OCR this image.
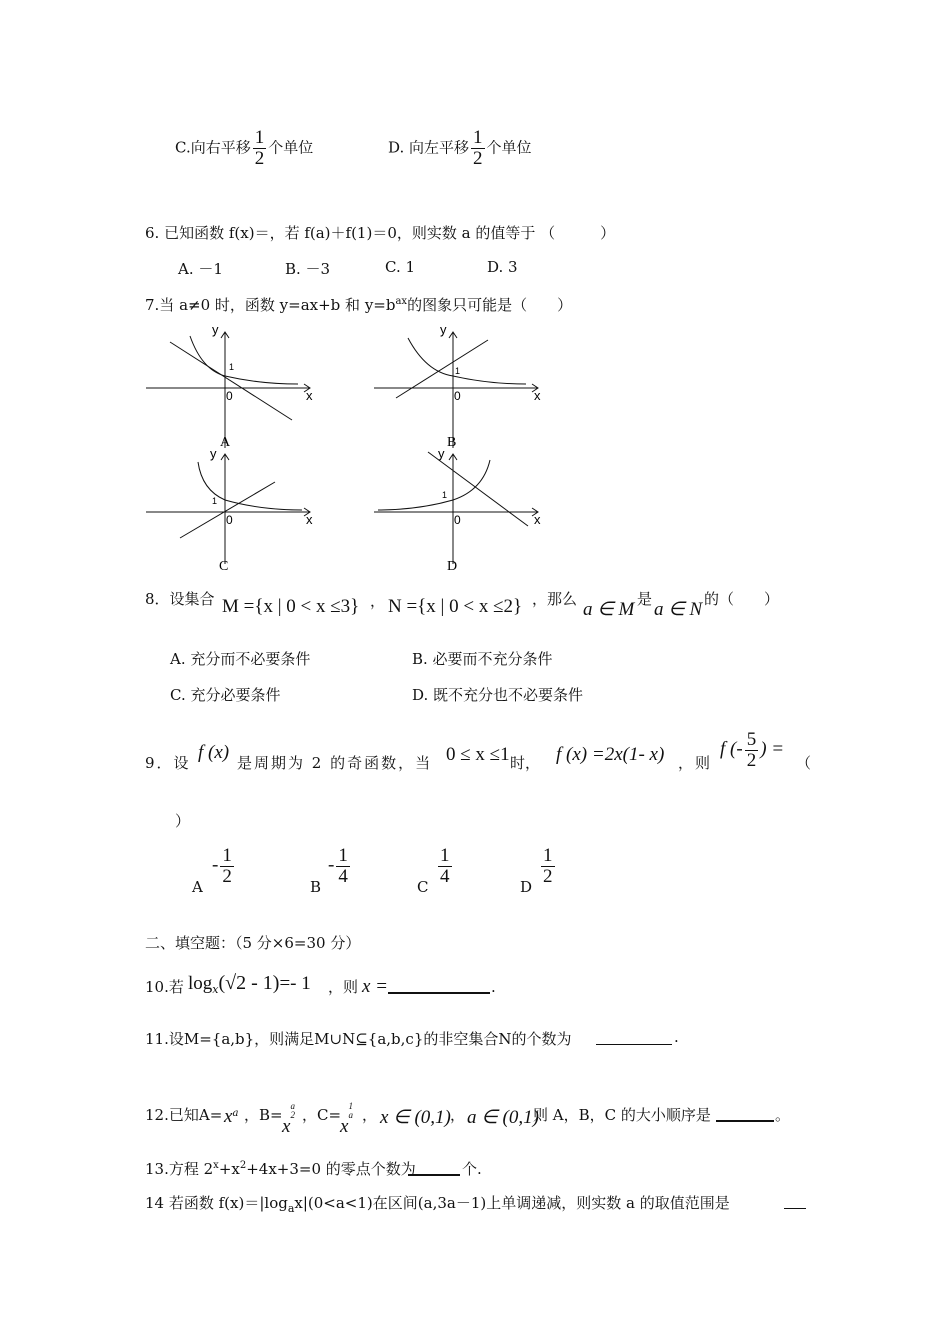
C.向右平移 $\frac{1}{2}$ 个单位	D. 向左平移 $\frac{1}{2}$ 个单位
6. 已知函数 f(x)＝，若 f(a)＋f(1)＝0，则实数 a 的值等于 （　　　）
A. －1	B. －3	C. 1	D. 3
7.当 a≠0 时，函数 y=ax+b 和 $y=b^{ax}$的图象只可能是（　　）
y
x
0
1
A
y
x
0
1
B
y
x
0
1
C
y
x
0
1
D
8．设集合 M ={x | 0 < x ≤3} ， N ={x | 0 < x ≤2} ，那么 a ∈ M 是 a ∈ N 的（　　）
A. 充分而不必要条件	B. 必要而不充分条件
C. 充分必要条件	D. 既不充分也不必要条件
9．设 f (x) 是周期为 2 的奇函数，当 0 ≤ x ≤1 时， f (x) =2x(1- x) ，则
f (- $\frac{5}{2}$ ) =
（
）
A
- $\frac{1}{2}$
B
- $\frac{1}{4}$
C
$\frac{1}{4}$
D
$\frac{1}{2}$
二、填空题：（5 分×6=30 分）
10.若 $\log_x(√2 - 1)=-$ 1 ，则 x =	.
11.设M={a,b}，则满足M∪N⊆{a,b,c}的非空集合N的个数为	.
12.已知$A= x^a$ ，B=
x
a
2 ，C=
x
1
a ， x ∈ (0,1) ， a ∈ (0,1)
则 A，B，C 的大小顺序是	。
13.方程 $2^x+x^2+4x+3=0$ 的零点个数为	个.
14 若函数 $f(x)=|\log_ax|(0<a<1)$在区间(a,3a－1)上单调递减，则实数 a 的取值范围是
